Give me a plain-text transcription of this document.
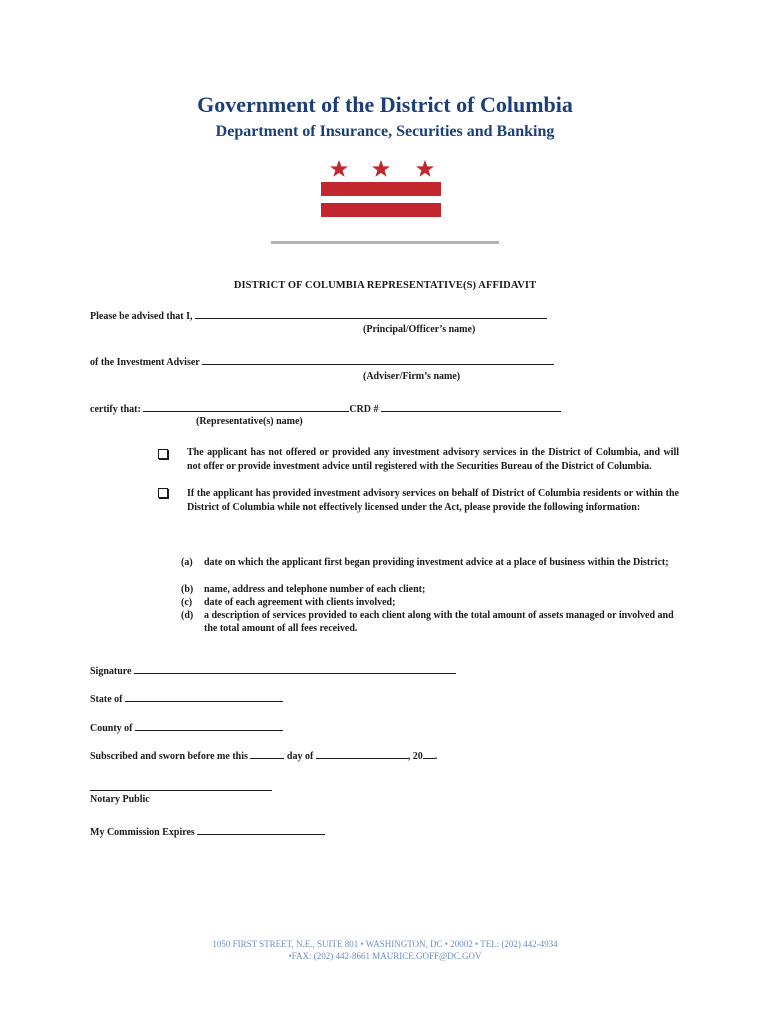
Government of the District of Columbia
Department of Insurance, Securities and Banking
DISTRICT OF COLUMBIA REPRESENTATIVE(S) AFFIDAVIT
Please be advised that I,
(Principal/Officer’s name)
of the Investment Adviser
(Adviser/Firm’s name)
certify that:	CRD #
(Representative(s) name)
The applicant has not offered or provided any investment advisory services in the District of Columbia, and will not offer or provide investment advice until registered with the Securities Bureau of the District of Columbia.
If the applicant has provided investment advisory services on behalf of District of Columbia residents or within the District of Columbia while not effectively licensed under the Act, please provide the following information:
(a) date on which the applicant first began providing investment advice at a place of business within the District;
(b) name, address and telephone number of each client;
(c) date of each agreement with clients involved;
(d) a description of services provided to each client along with the total amount of assets managed or involved and the total amount of all fees received.
Signature
State of
County of
Subscribed and sworn before me this	day of	, 20 .
Notary Public
My Commission Expires
1050 FIRST STREET, N.E., SUITE 801 • WASHINGTON, DC • 20002 • TEL: (202) 442-4934
•FAX: (202) 442-8661 MAURICE.GOFF@DC.GOV
